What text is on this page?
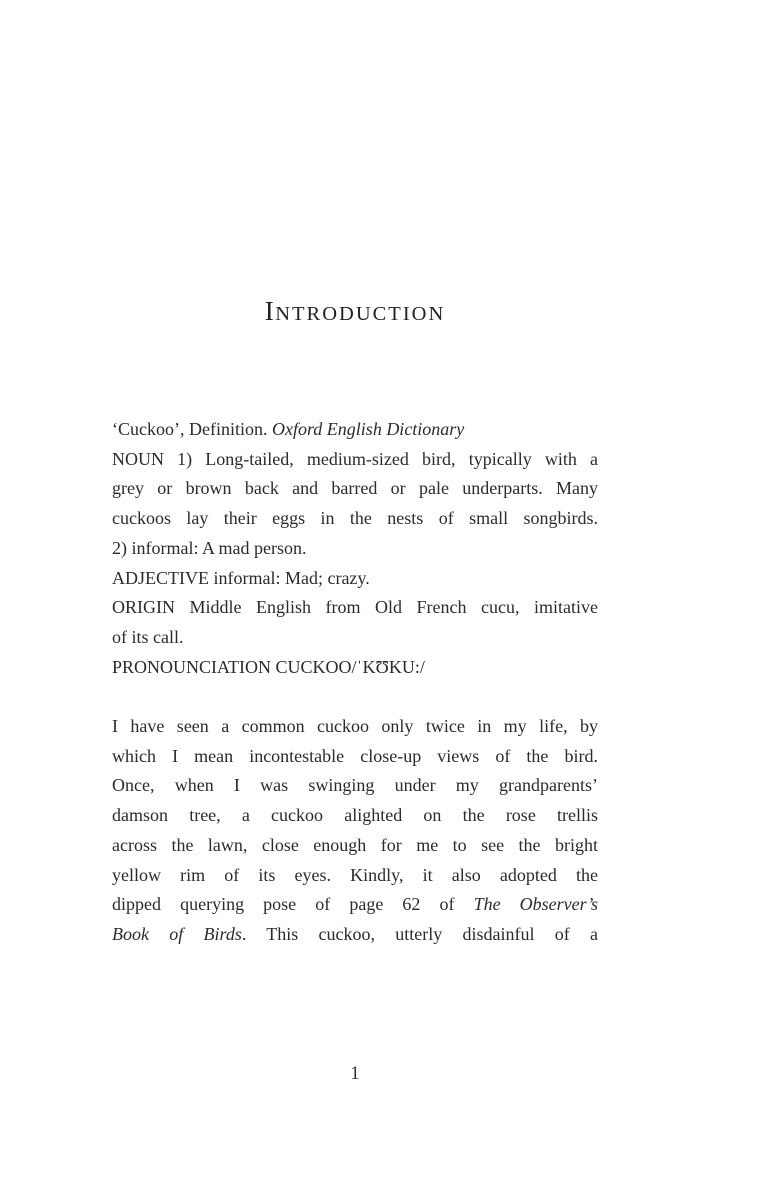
INTRODUCTION
‘Cuckoo’, Definition. Oxford English Dictionary
NOUN 1) Long-tailed, medium-sized bird, typically with a
grey or brown back and barred or pale underparts. Many
cuckoos lay their eggs in the nests of small songbirds.
2) informal: A mad person.
ADJECTIVE informal: Mad; crazy.
ORIGIN Middle English from Old French cucu, imitative
of its call.
PRONOUNCIATION CUCKOO/ˈKƱKU:/
I have seen a common cuckoo only twice in my life, by
which I mean incontestable close-up views of the bird.
Once, when I was swinging under my grandparents’
damson tree, a cuckoo alighted on the rose trellis
across the lawn, close enough for me to see the bright
yellow rim of its eyes. Kindly, it also adopted the
dipped querying pose of page 62 of The Observer’s
Book of Birds. This cuckoo, utterly disdainful of a
1
